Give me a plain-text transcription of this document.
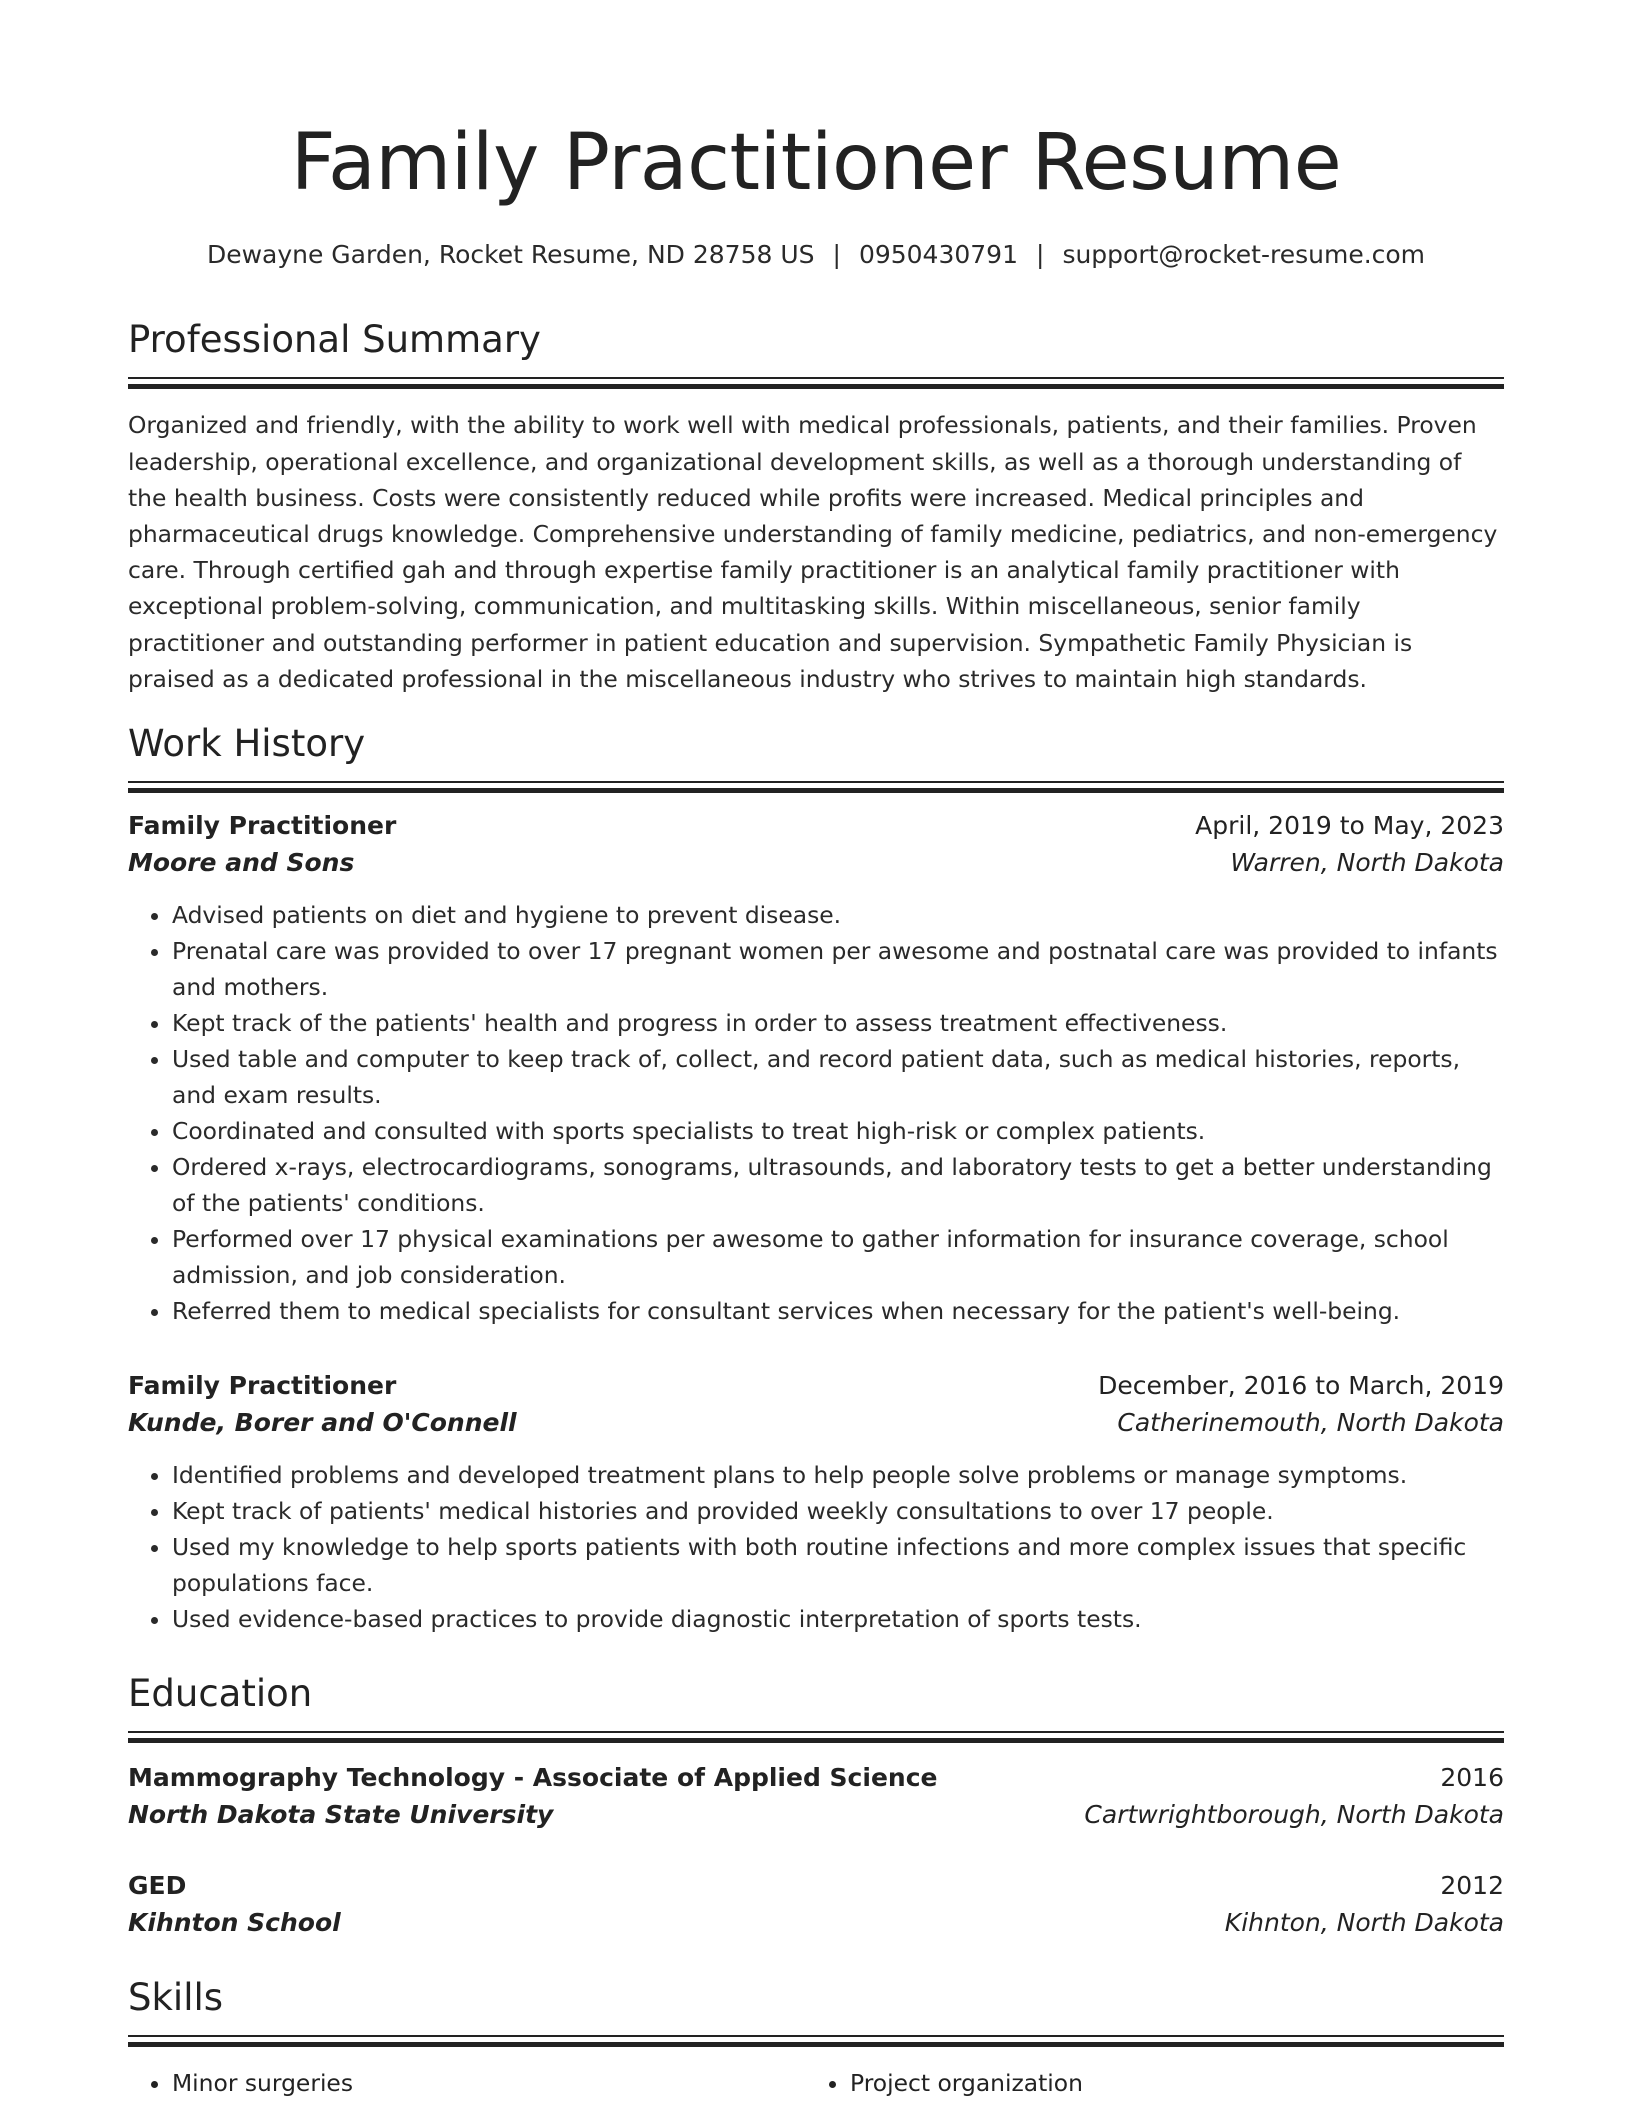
Family Practitioner Resume
Dewayne Garden, Rocket Resume, ND 28758 US | 0950430791 | support@rocket-resume.com
Professional Summary
Organized and friendly, with the ability to work well with medical professionals, patients, and their families. Proven leadership, operational excellence, and organizational development skills, as well as a thorough understanding of the health business. Costs were consistently reduced while profits were increased. Medical principles and pharmaceutical drugs knowledge. Comprehensive understanding of family medicine, pediatrics, and non-emergency care. Through certified gah and through expertise family practitioner is an analytical family practitioner with exceptional problem-solving, communication, and multitasking skills. Within miscellaneous, senior family practitioner and outstanding performer in patient education and supervision. Sympathetic Family Physician is praised as a dedicated professional in the miscellaneous industry who strives to maintain high standards.
Work History
Family Practitioner	April, 2019 to May, 2023
Moore and Sons	Warren, North Dakota
• Advised patients on diet and hygiene to prevent disease.
• Prenatal care was provided to over 17 pregnant women per awesome and postnatal care was provided to infants and mothers.
• Kept track of the patients' health and progress in order to assess treatment effectiveness.
• Used table and computer to keep track of, collect, and record patient data, such as medical histories, reports, and exam results.
• Coordinated and consulted with sports specialists to treat high-risk or complex patients.
• Ordered x-rays, electrocardiograms, sonograms, ultrasounds, and laboratory tests to get a better understanding of the patients' conditions.
• Performed over 17 physical examinations per awesome to gather information for insurance coverage, school admission, and job consideration.
• Referred them to medical specialists for consultant services when necessary for the patient's well-being.
Family Practitioner	December, 2016 to March, 2019
Kunde, Borer and O'Connell	Catherinemouth, North Dakota
• Identified problems and developed treatment plans to help people solve problems or manage symptoms.
• Kept track of patients' medical histories and provided weekly consultations to over 17 people.
• Used my knowledge to help sports patients with both routine infections and more complex issues that specific populations face.
• Used evidence-based practices to provide diagnostic interpretation of sports tests.
Education
Mammography Technology - Associate of Applied Science	2016
North Dakota State University	Cartwrightborough, North Dakota
GED	2012
Kihnton School	Kihnton, North Dakota
Skills
• Minor surgeries
•	Project organization
